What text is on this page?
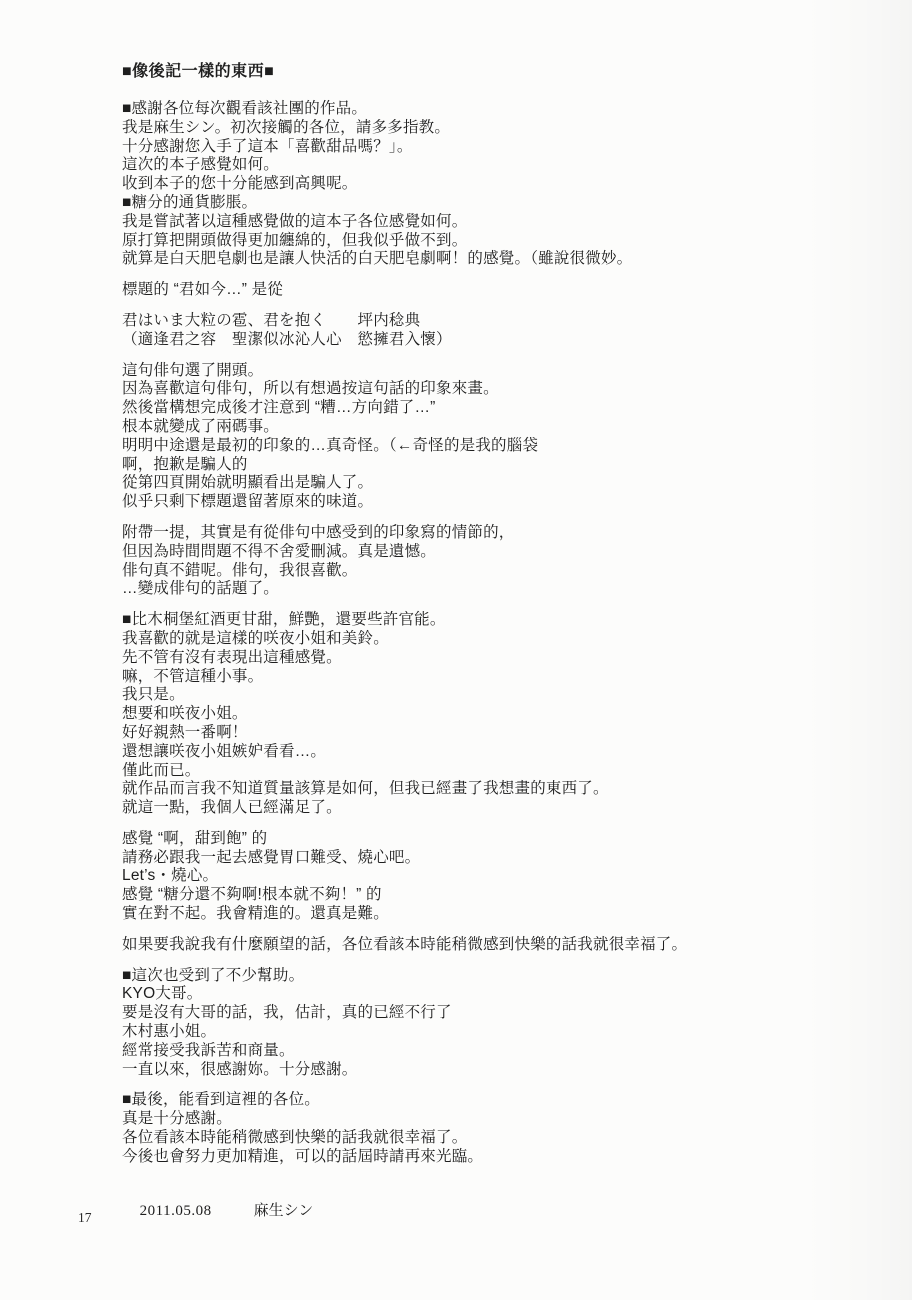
■像後記一樣的東西■
■感謝各位每次觀看該社團的作品。
我是麻生シン。初次接觸的各位，請多多指教。
十分感謝您入手了這本「喜歡甜品嗎？」。
這次的本子感覺如何。
收到本子的您十分能感到高興呢。
■糖分的通貨膨脹。
我是嘗試著以這種感覺做的這本子各位感覺如何。
原打算把開頭做得更加纏綿的，但我似乎做不到。
就算是白天肥皂劇也是讓人快活的白天肥皂劇啊！的感覺。（雖說很微妙。
標題的 “君如今…” 是從
君はいま大粒の雹、君を抱く　　坪内稔典
（適逢君之容　聖潔似冰沁人心　慾擁君入懷）
這句俳句選了開頭。
因為喜歡這句俳句，所以有想過按這句話的印象來畫。
然後當構想完成後才注意到 “糟…方向錯了…”
根本就變成了兩碼事。
明明中途還是最初的印象的…真奇怪。（←奇怪的是我的腦袋
啊，抱歉是騙人的
從第四頁開始就明顯看出是騙人了。
似乎只剩下標題還留著原來的味道。
附帶一提，其實是有從俳句中感受到的印象寫的情節的，
但因為時間問題不得不舍愛刪減。真是遺憾。
俳句真不錯呢。俳句，我很喜歡。
…變成俳句的話題了。
■比木桐堡紅酒更甘甜，鮮艷，還要些許官能。
我喜歡的就是這樣的咲夜小姐和美鈴。
先不管有沒有表現出這種感覺。
嘛，不管這種小事。
我只是。
想要和咲夜小姐。
好好親熱一番啊！
還想讓咲夜小姐嫉妒看看…。
僅此而已。
就作品而言我不知道質量該算是如何，但我已經畫了我想畫的東西了。
就這一點，我個人已經滿足了。
感覺 “啊，甜到飽” 的
請務必跟我一起去感覺胃口難受、燒心吧。
Let’s・燒心。
感覺 “糖分還不夠啊!根本就不夠！” 的
實在對不起。我會精進的。還真是難。
如果要我說我有什麼願望的話，各位看該本時能稍微感到快樂的話我就很幸福了。
■這次也受到了不少幫助。
KYO大哥。
要是沒有大哥的話，我，估計，真的已經不行了
木村惠小姐。
經常接受我訴苦和商量。
一直以來，很感謝妳。十分感謝。
■最後，能看到這裡的各位。
真是十分感謝。
各位看該本時能稍微感到快樂的話我就很幸福了。
今後也會努力更加精進，可以的話屆時請再來光臨。

2011.05.08	麻生シン

17
